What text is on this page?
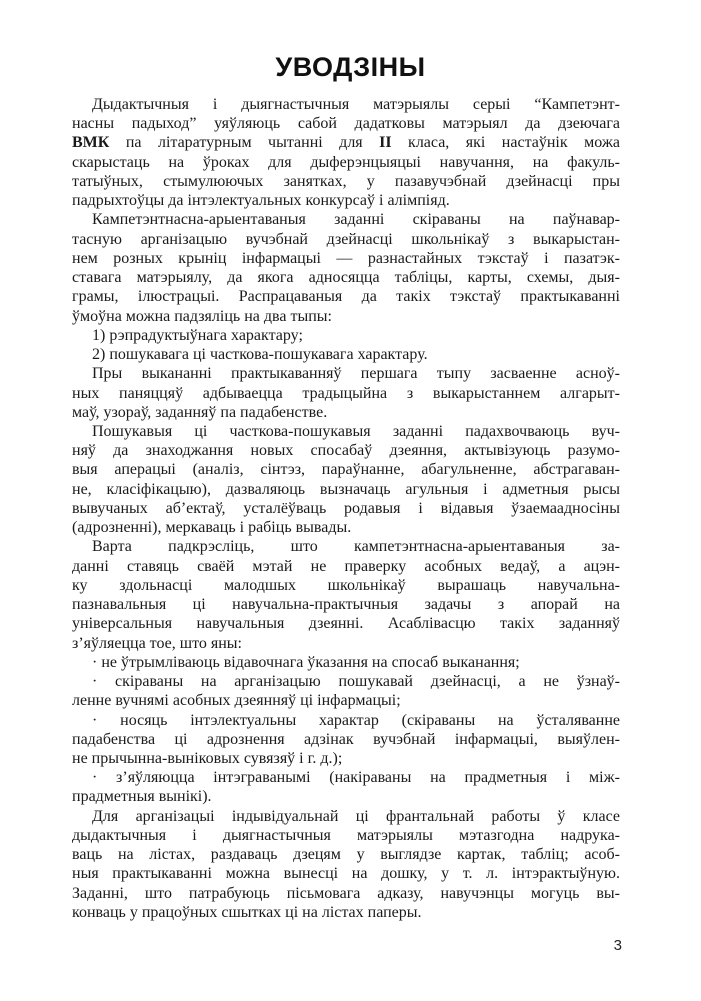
УВОДЗІНЫ
Дыдактычныя і дыягнастычныя матэрыялы серыі “Кампетэнт-
насны падыход” уяўляюць сабой дадатковы матэрыял да дзеючага
ВМК па літаратурным чытанні для II класа, які настаўнік можа
скарыстаць на ўроках для дыферэнцыяцыі навучання, на факуль-
татыўных, стымулюючых занятках, у пазавучэбнай дзейнасці пры
падрыхтоўцы да інтэлектуальных конкурсаў і алімпіяд.
Кампетэнтнасна-арыентаваныя заданні скіраваны на паўнавар-
тасную арганізацыю вучэбнай дзейнасці школьнікаў з выкарыстан-
нем розных крыніц інфармацыі — разнастайных тэкстаў і пазатэк-
ставага матэрыялу, да якога адносяцца табліцы, карты, схемы, дыя-
грамы, ілюстрацыі. Распрацаваныя да такіх тэкстаў практыкаванні
ўмоўна можна падзяліць на два тыпы:
1) рэпрадуктыўнага характару;
2) пошукавага ці часткова-пошукавага характару.
Пры выкананні практыкаванняў першага тыпу засваенне асноў-
ных паняццяў адбываецца традыцыйна з выкарыстаннем алгарыт-
маў, узораў, заданняў па падабенстве.
Пошукавыя ці часткова-пошукавыя заданні падахвочваюць вуч-
няў да знаходжання новых спосабаў дзеяння, актывізуюць разумо-
выя аперацыі (аналіз, сінтэз, параўнанне, абагульненне, абстрагаван-
не, класіфікацыю), дазваляюць вызначаць агульныя і адметныя рысы
вывучаных аб’ектаў, усталёўваць родавыя і відавыя ўзаемаадносіны
(адрозненні), меркаваць і рабіць вывады.
Варта падкрэсліць, што кампетэнтнасна-арыентаваныя за-
данні ставяць сваёй мэтай не праверку асобных ведаў, а ацэн-
ку здольнасці малодшых школьнікаў вырашаць навучальна-
пазнавальныя ці навучальна-практычныя задачы з апорай на
універсальныя навучальныя дзеянні. Асаблівасцю такіх заданняў
з’яўляецца тое, што яны:
· не ўтрымліваюць відавочнага ўказання на спосаб выканання;
· скіраваны на арганізацыю пошукавай дзейнасці, а не ўзнаў-
ленне вучнямі асобных дзеянняў ці інфармацыі;
· носяць інтэлектуальны характар (скіраваны на ўсталяванне
падабенства ці адрознення адзінак вучэбнай інфармацыі, выяўлен-
не прычынна-выніковых сувязяў і г. д.);
· з’яўляюцца інтэграванымі (накіраваны на прадметныя і між-
прадметныя вынікі).
Для арганізацыі індывідуальнай ці франтальнай работы ў класе
дыдактычныя і дыягнастычныя матэрыялы мэтазгодна надрука-
ваць на лістах, раздаваць дзецям у выглядзе картак, табліц; асоб-
ныя практыкаванні можна вынесці на дошку, у т. л. інтэрактыўную.
Заданні, што патрабуюць пісьмовага адказу, навучэнцы могуць вы-
конваць у працоўных сшытках ці на лістах паперы.
3
